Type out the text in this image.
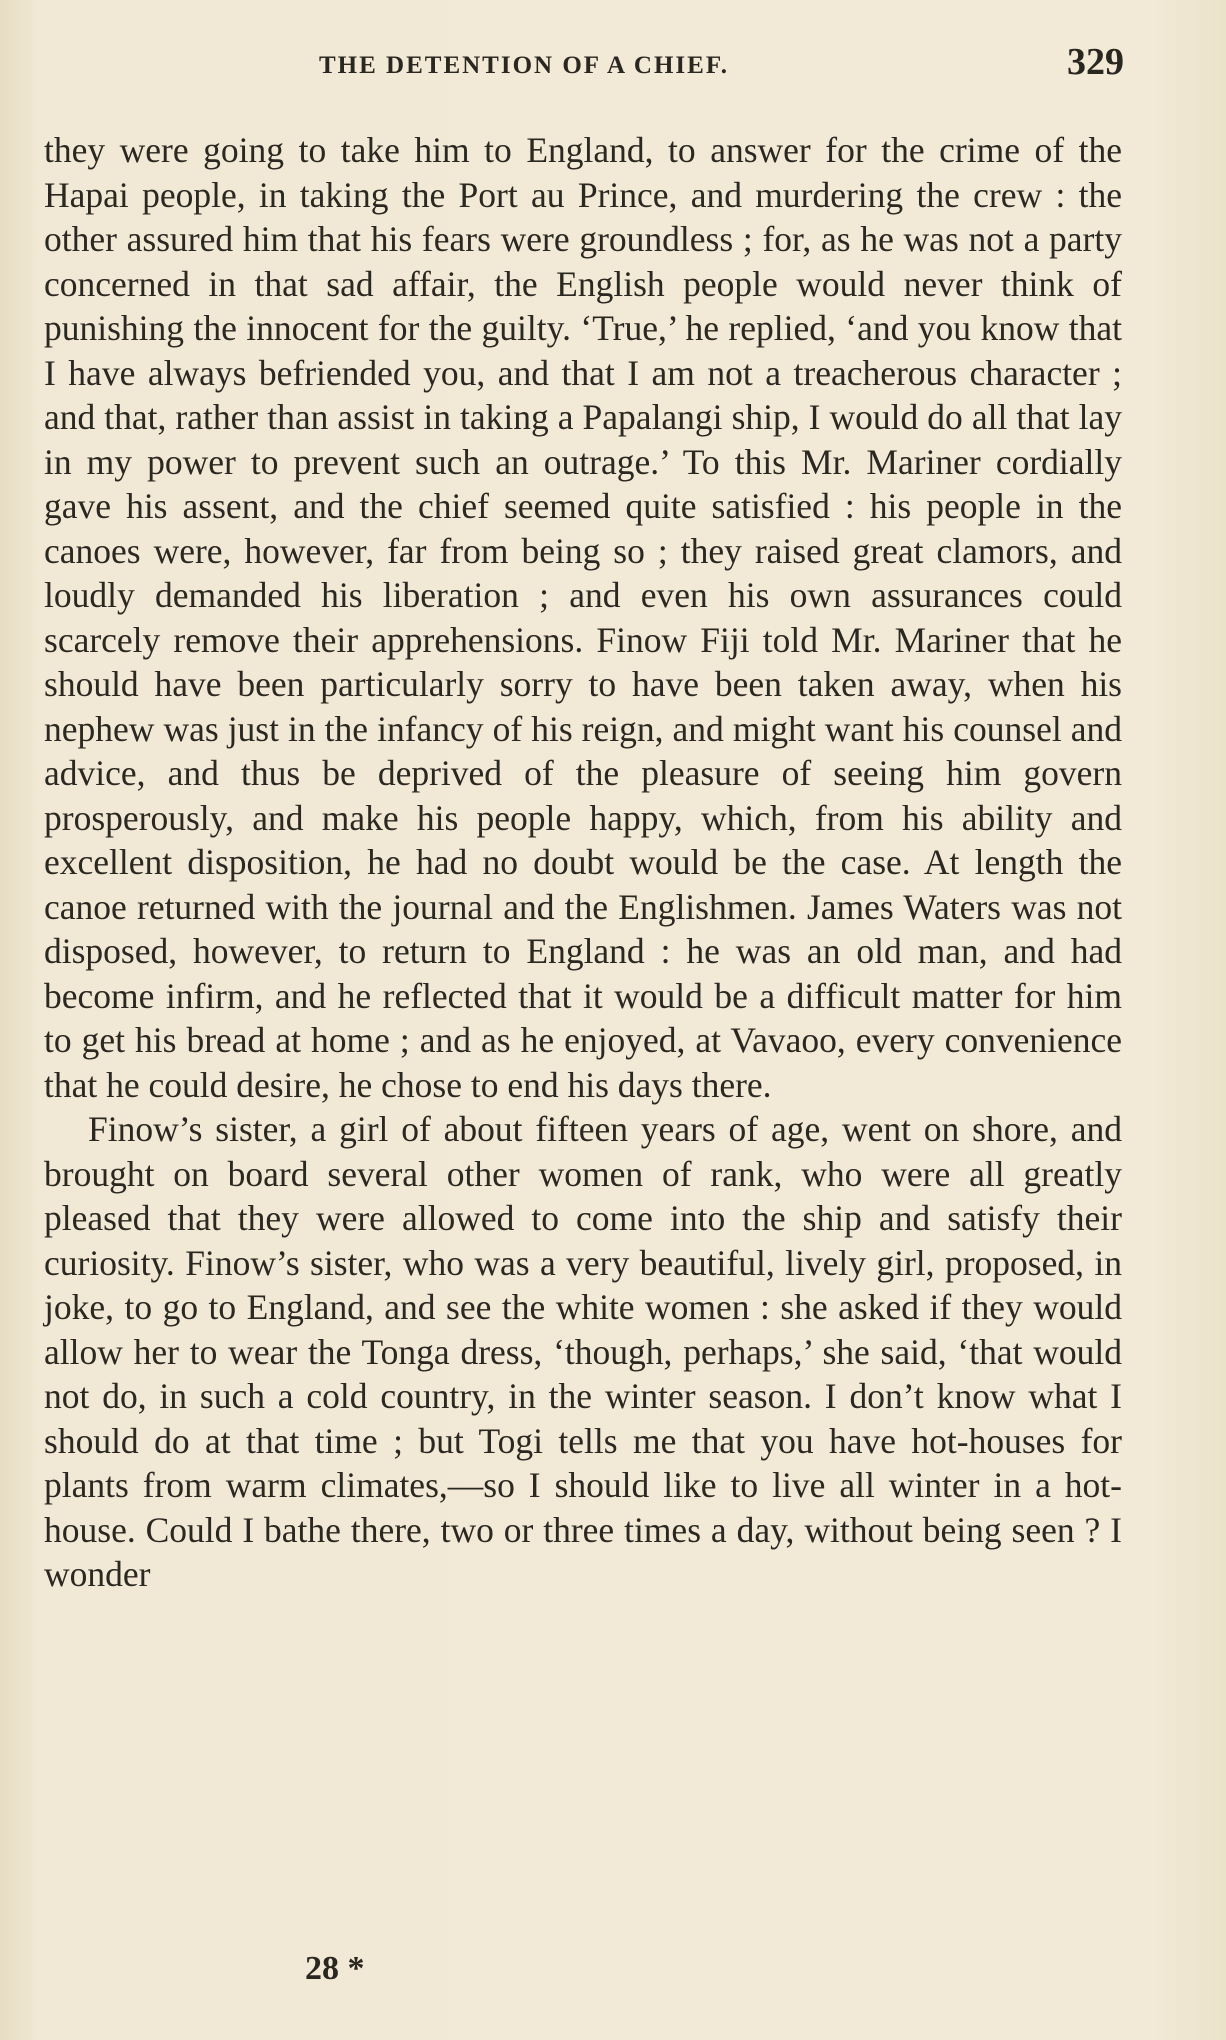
THE DETENTION OF A CHIEF.	329

they were going to take him to England, to answer for the crime of the Hapai people, in taking the Port au Prince, and murdering the crew : the other assured him that his fears were groundless ; for, as he was not a party concerned in that sad affair, the English people would never think of punishing the innocent for the guilty. ‘True,’ he replied, ‘and you know that I have always befriended you, and that I am not a treacherous character ; and that, rather than assist in taking a Papalangi ship, I would do all that lay in my power to prevent such an outrage.’ To this Mr. Mariner cordially gave his assent, and the chief seemed quite satisfied : his people in the canoes were, however, far from being so ; they raised great clamors, and loudly demanded his liberation ; and even his own assurances could scarcely remove their apprehensions. Finow Fiji told Mr. Mariner that he should have been particularly sorry to have been taken away, when his nephew was just in the infancy of his reign, and might want his counsel and advice, and thus be deprived of the pleasure of seeing him govern prosperously, and make his people happy, which, from his ability and excellent disposition, he had no doubt would be the case. At length the canoe returned with the journal and the Englishmen. James Waters was not disposed, however, to return to England : he was an old man, and had become infirm, and he reflected that it would be a difficult matter for him to get his bread at home ; and as he enjoyed, at Vavaoo, every convenience that he could desire, he chose to end his days there.

Finow’s sister, a girl of about fifteen years of age, went on shore, and brought on board several other women of rank, who were all greatly pleased that they were allowed to come into the ship and satisfy their curiosity. Finow’s sister, who was a very beautiful, lively girl, proposed, in joke, to go to England, and see the white women : she asked if they would allow her to wear the Tonga dress, ‘though, perhaps,’ she said, ‘that would not do, in such a cold country, in the winter season. I don’t know what I should do at that time ; but Togi tells me that you have hot-houses for plants from warm climates,—so I should like to live all winter in a hot-house. Could I bathe there, two or three times a day, without being seen ? I wonder

28 *
